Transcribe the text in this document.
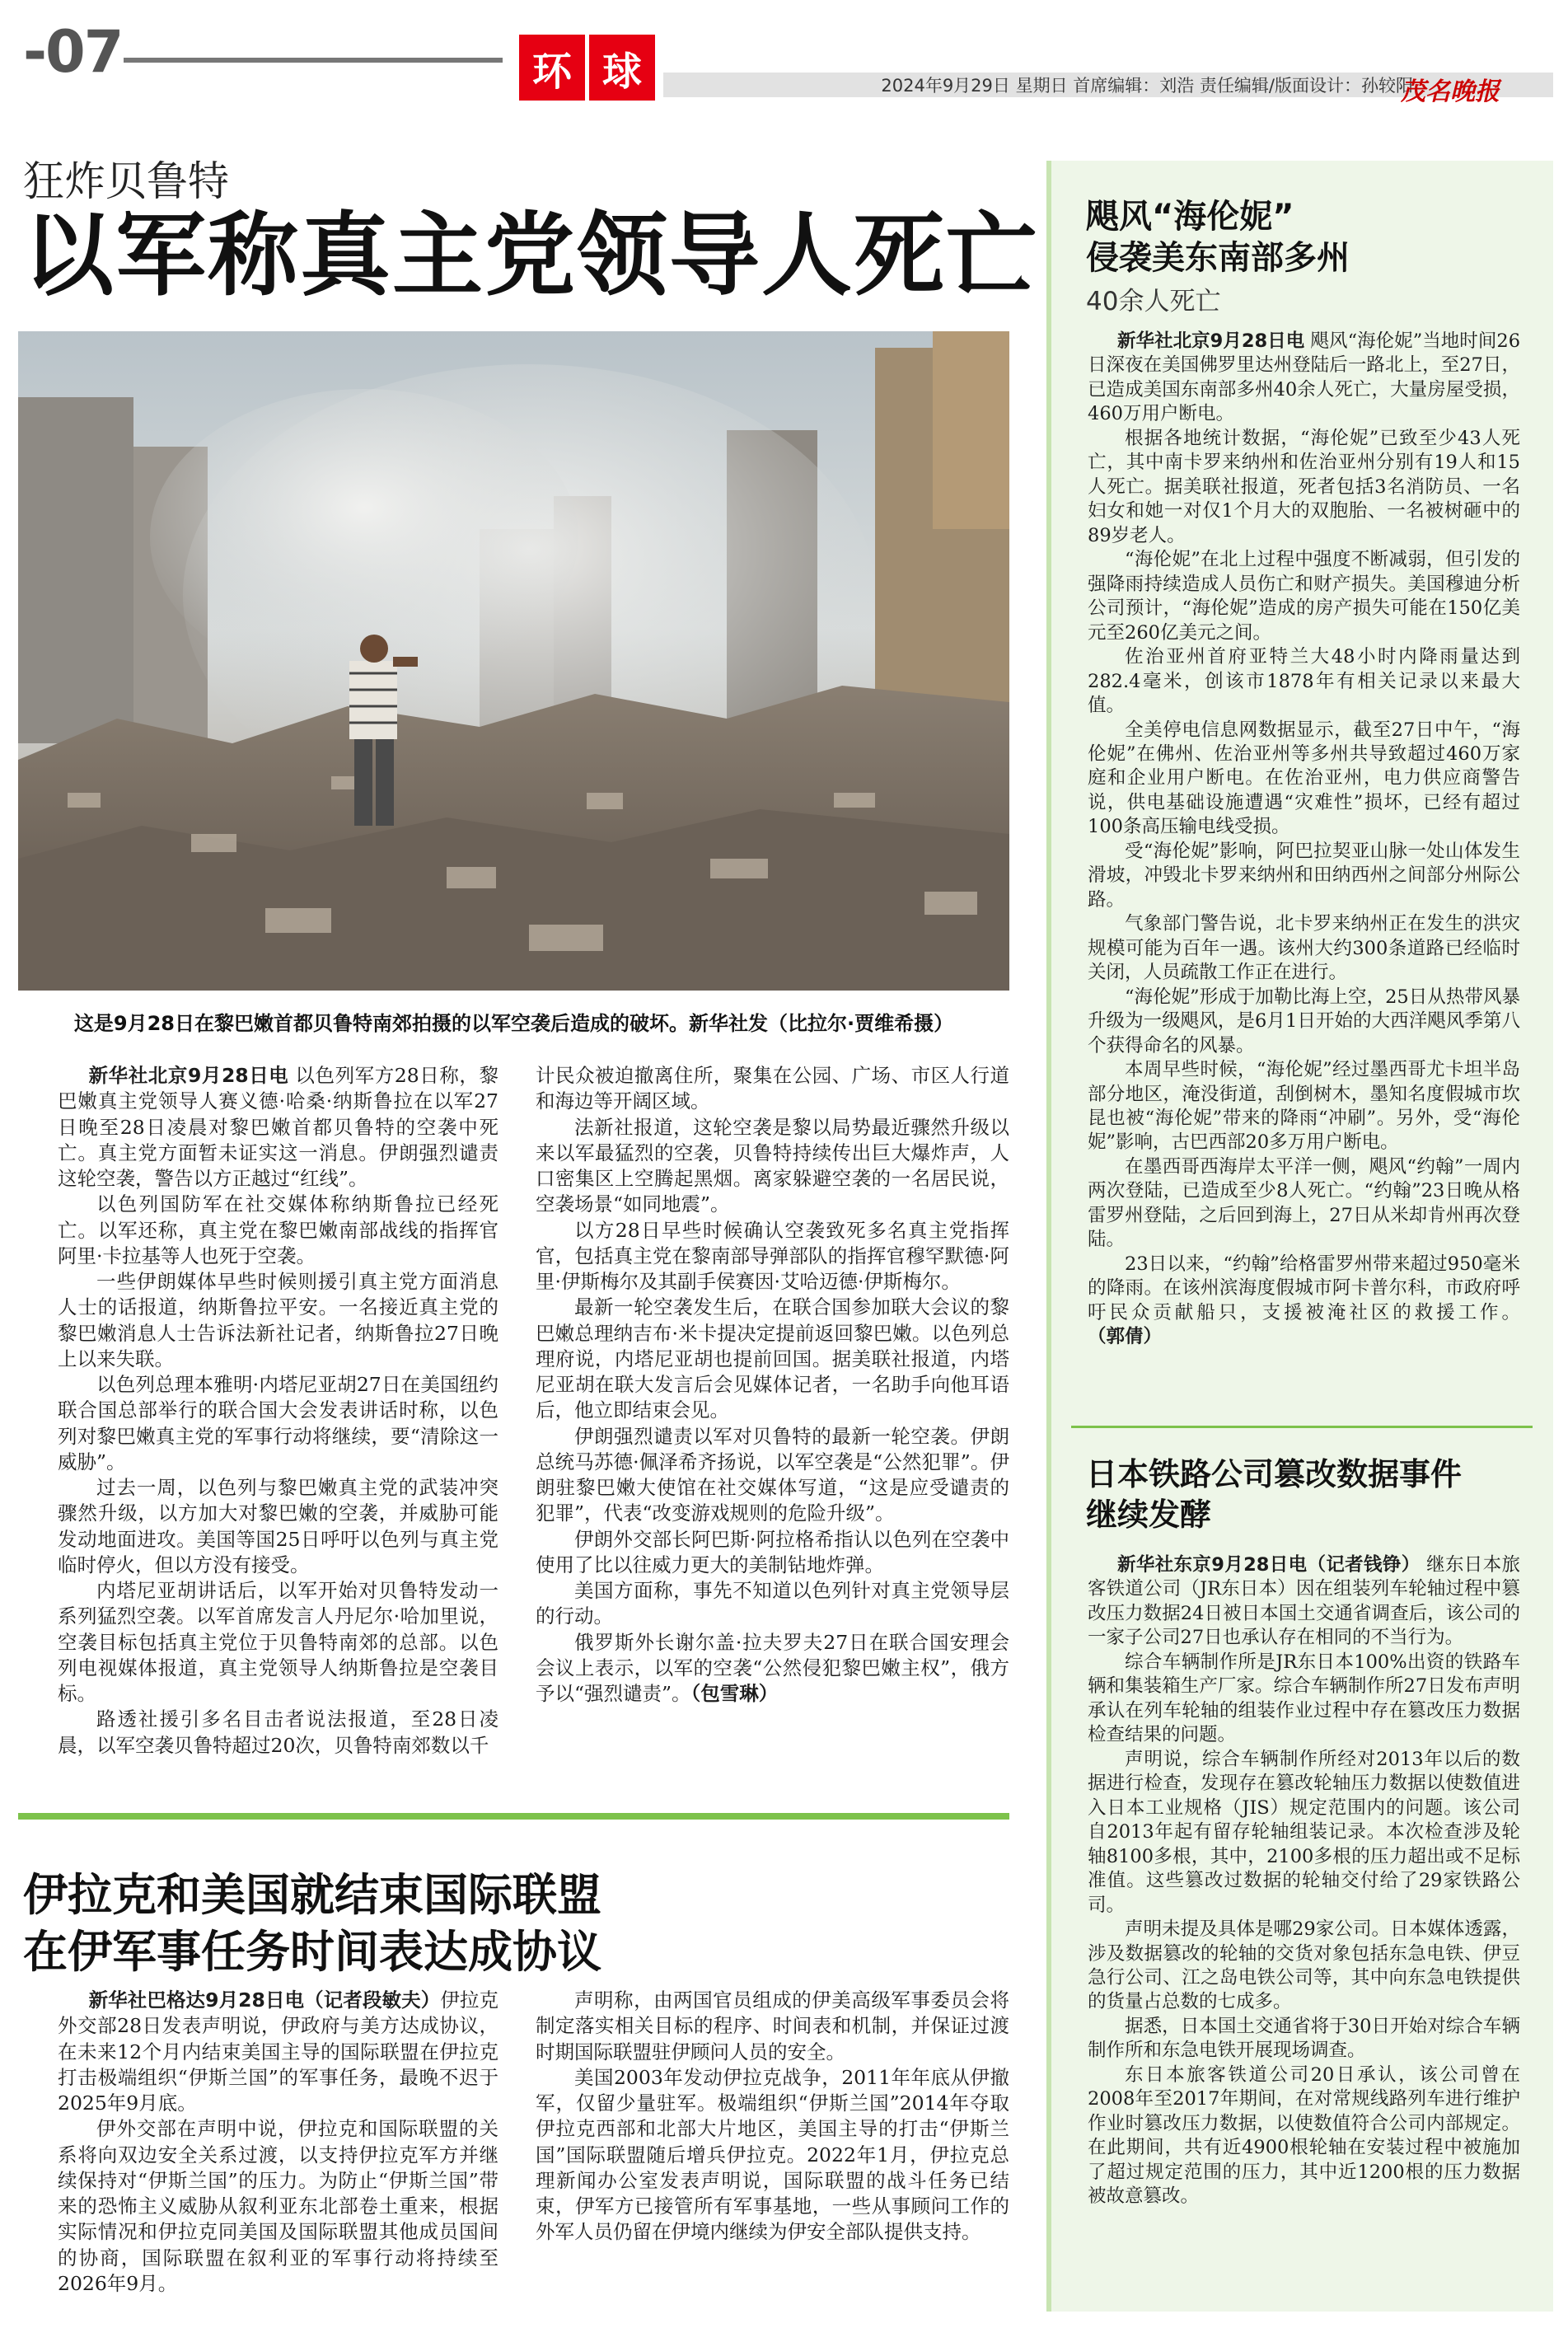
-07	环 球	2024年9月29日 星期日 首席编辑：刘浩 责任编辑/版面设计：孙较阳
茂名晚报
狂炸贝鲁特
以军称真主党领导人死亡
这是9月28日在黎巴嫩首都贝鲁特南郊拍摄的以军空袭后造成的破坏。新华社发（比拉尔·贾维希摄）

新华社北京9月28日电 以色列军方28日称，黎巴嫩真主党领导人赛义德·哈桑·纳斯鲁拉在以军27日晚至28日凌晨对黎巴嫩首都贝鲁特的空袭中死亡。真主党方面暂未证实这一消息。伊朗强烈谴责这轮空袭，警告以方正越过“红线”。

以色列国防军在社交媒体称纳斯鲁拉已经死亡。以军还称，真主党在黎巴嫩南部战线的指挥官阿里·卡拉基等人也死于空袭。

一些伊朗媒体早些时候则援引真主党方面消息人士的话报道，纳斯鲁拉平安。一名接近真主党的黎巴嫩消息人士告诉法新社记者，纳斯鲁拉27日晚上以来失联。

以色列总理本雅明·内塔尼亚胡27日在美国纽约联合国总部举行的联合国大会发表讲话时称，以色列对黎巴嫩真主党的军事行动将继续，要“清除这一威胁”。

过去一周，以色列与黎巴嫩真主党的武装冲突骤然升级，以方加大对黎巴嫩的空袭，并威胁可能发动地面进攻。美国等国25日呼吁以色列与真主党临时停火，但以方没有接受。

内塔尼亚胡讲话后，以军开始对贝鲁特发动一系列猛烈空袭。以军首席发言人丹尼尔·哈加里说，空袭目标包括真主党位于贝鲁特南郊的总部。以色列电视媒体报道，真主党领导人纳斯鲁拉是空袭目标。

路透社援引多名目击者说法报道，至28日凌晨，以军空袭贝鲁特超过20次，贝鲁特南郊数以千

计民众被迫撤离住所，聚集在公园、广场、市区人行道和海边等开阔区域。

法新社报道，这轮空袭是黎以局势最近骤然升级以来以军最猛烈的空袭，贝鲁特持续传出巨大爆炸声，人口密集区上空腾起黑烟。离家躲避空袭的一名居民说，空袭场景“如同地震”。

以方28日早些时候确认空袭致死多名真主党指挥官，包括真主党在黎南部导弹部队的指挥官穆罕默德·阿里·伊斯梅尔及其副手侯赛因·艾哈迈德·伊斯梅尔。

最新一轮空袭发生后，在联合国参加联大会议的黎巴嫩总理纳吉布·米卡提决定提前返回黎巴嫩。以色列总理府说，内塔尼亚胡也提前回国。据美联社报道，内塔尼亚胡在联大发言后会见媒体记者，一名助手向他耳语后，他立即结束会见。

伊朗强烈谴责以军对贝鲁特的最新一轮空袭。伊朗总统马苏德·佩泽希齐扬说，以军空袭是“公然犯罪”。伊朗驻黎巴嫩大使馆在社交媒体写道，“这是应受谴责的犯罪”，代表“改变游戏规则的危险升级”。

伊朗外交部长阿巴斯·阿拉格希指认以色列在空袭中使用了比以往威力更大的美制钻地炸弹。

美国方面称，事先不知道以色列针对真主党领导层的行动。

俄罗斯外长谢尔盖·拉夫罗夫27日在联合国安理会会议上表示，以军的空袭“公然侵犯黎巴嫩主权”，俄方予以“强烈谴责”。（包雪琳）

伊拉克和美国就结束国际联盟
在伊军事任务时间表达成协议

新华社巴格达9月28日电（记者段敏夫）伊拉克外交部28日发表声明说，伊政府与美方达成协议，在未来12个月内结束美国主导的国际联盟在伊拉克打击极端组织“伊斯兰国”的军事任务，最晚不迟于2025年9月底。

伊外交部在声明中说，伊拉克和国际联盟的关系将向双边安全关系过渡，以支持伊拉克军方并继续保持对“伊斯兰国”的压力。为防止“伊斯兰国”带来的恐怖主义威胁从叙利亚东北部卷土重来，根据实际情况和伊拉克同美国及国际联盟其他成员国间的协商，国际联盟在叙利亚的军事行动将持续至2026年9月。

声明称，由两国官员组成的伊美高级军事委员会将制定落实相关目标的程序、时间表和机制，并保证过渡时期国际联盟驻伊顾问人员的安全。

美国2003年发动伊拉克战争，2011年年底从伊撤军，仅留少量驻军。极端组织“伊斯兰国”2014年夺取伊拉克西部和北部大片地区，美国主导的打击“伊斯兰国”国际联盟随后增兵伊拉克。2022年1月，伊拉克总理新闻办公室发表声明说，国际联盟的战斗任务已结束，伊军方已接管所有军事基地，一些从事顾问工作的外军人员仍留在伊境内继续为伊安全部队提供支持。

飓风“海伦妮”
侵袭美东南部多州
40余人死亡

新华社北京9月28日电 飓风“海伦妮”当地时间26日深夜在美国佛罗里达州登陆后一路北上，至27日，已造成美国东南部多州40余人死亡，大量房屋受损，460万用户断电。

根据各地统计数据，“海伦妮”已致至少43人死亡，其中南卡罗来纳州和佐治亚州分别有19人和15人死亡。据美联社报道，死者包括3名消防员、一名妇女和她一对仅1个月大的双胞胎、一名被树砸中的89岁老人。

“海伦妮”在北上过程中强度不断减弱，但引发的强降雨持续造成人员伤亡和财产损失。美国穆迪分析公司预计，“海伦妮”造成的房产损失可能在150亿美元至260亿美元之间。

佐治亚州首府亚特兰大48小时内降雨量达到282.4毫米，创该市1878年有相关记录以来最大值。

全美停电信息网数据显示，截至27日中午，“海伦妮”在佛州、佐治亚州等多州共导致超过460万家庭和企业用户断电。在佐治亚州，电力供应商警告说，供电基础设施遭遇“灾难性”损坏，已经有超过100条高压输电线受损。

受“海伦妮”影响，阿巴拉契亚山脉一处山体发生滑坡，冲毁北卡罗来纳州和田纳西州之间部分州际公路。

气象部门警告说，北卡罗来纳州正在发生的洪灾规模可能为百年一遇。该州大约300条道路已经临时关闭，人员疏散工作正在进行。

“海伦妮”形成于加勒比海上空，25日从热带风暴升级为一级飓风，是6月1日开始的大西洋飓风季第八个获得命名的风暴。

本周早些时候，“海伦妮”经过墨西哥尤卡坦半岛部分地区，淹没街道，刮倒树木，墨知名度假城市坎昆也被“海伦妮”带来的降雨“冲刷”。另外，受“海伦妮”影响，古巴西部20多万用户断电。

在墨西哥西海岸太平洋一侧，飓风“约翰”一周内两次登陆，已造成至少8人死亡。“约翰”23日晚从格雷罗州登陆，之后回到海上，27日从米却肯州再次登陆。

23日以来，“约翰”给格雷罗州带来超过950毫米的降雨。在该州滨海度假城市阿卡普尔科，市政府呼吁民众贡献船只，支援被淹社区的救援工作。（郭倩）

日本铁路公司篡改数据事件
继续发酵

新华社东京9月28日电（记者钱铮） 继东日本旅客铁道公司（JR东日本）因在组装列车轮轴过程中篡改压力数据24日被日本国土交通省调查后，该公司的一家子公司27日也承认存在相同的不当行为。

综合车辆制作所是JR东日本100%出资的铁路车辆和集装箱生产厂家。综合车辆制作所27日发布声明承认在列车轮轴的组装作业过程中存在篡改压力数据检查结果的问题。

声明说，综合车辆制作所经对2013年以后的数据进行检查，发现存在篡改轮轴压力数据以使数值进入日本工业规格（JIS）规定范围内的问题。该公司自2013年起有留存轮轴组装记录。本次检查涉及轮轴8100多根，其中，2100多根的压力超出或不足标准值。这些篡改过数据的轮轴交付给了29家铁路公司。

声明未提及具体是哪29家公司。日本媒体透露，涉及数据篡改的轮轴的交货对象包括东急电铁、伊豆急行公司、江之岛电铁公司等，其中向东急电铁提供的货量占总数的七成多。

据悉，日本国土交通省将于30日开始对综合车辆制作所和东急电铁开展现场调查。

东日本旅客铁道公司20日承认，该公司曾在2008年至2017年期间，在对常规线路列车进行维护作业时篡改压力数据，以使数值符合公司内部规定。在此期间，共有近4900根轮轴在安装过程中被施加了超过规定范围的压力，其中近1200根的压力数据被故意篡改。
